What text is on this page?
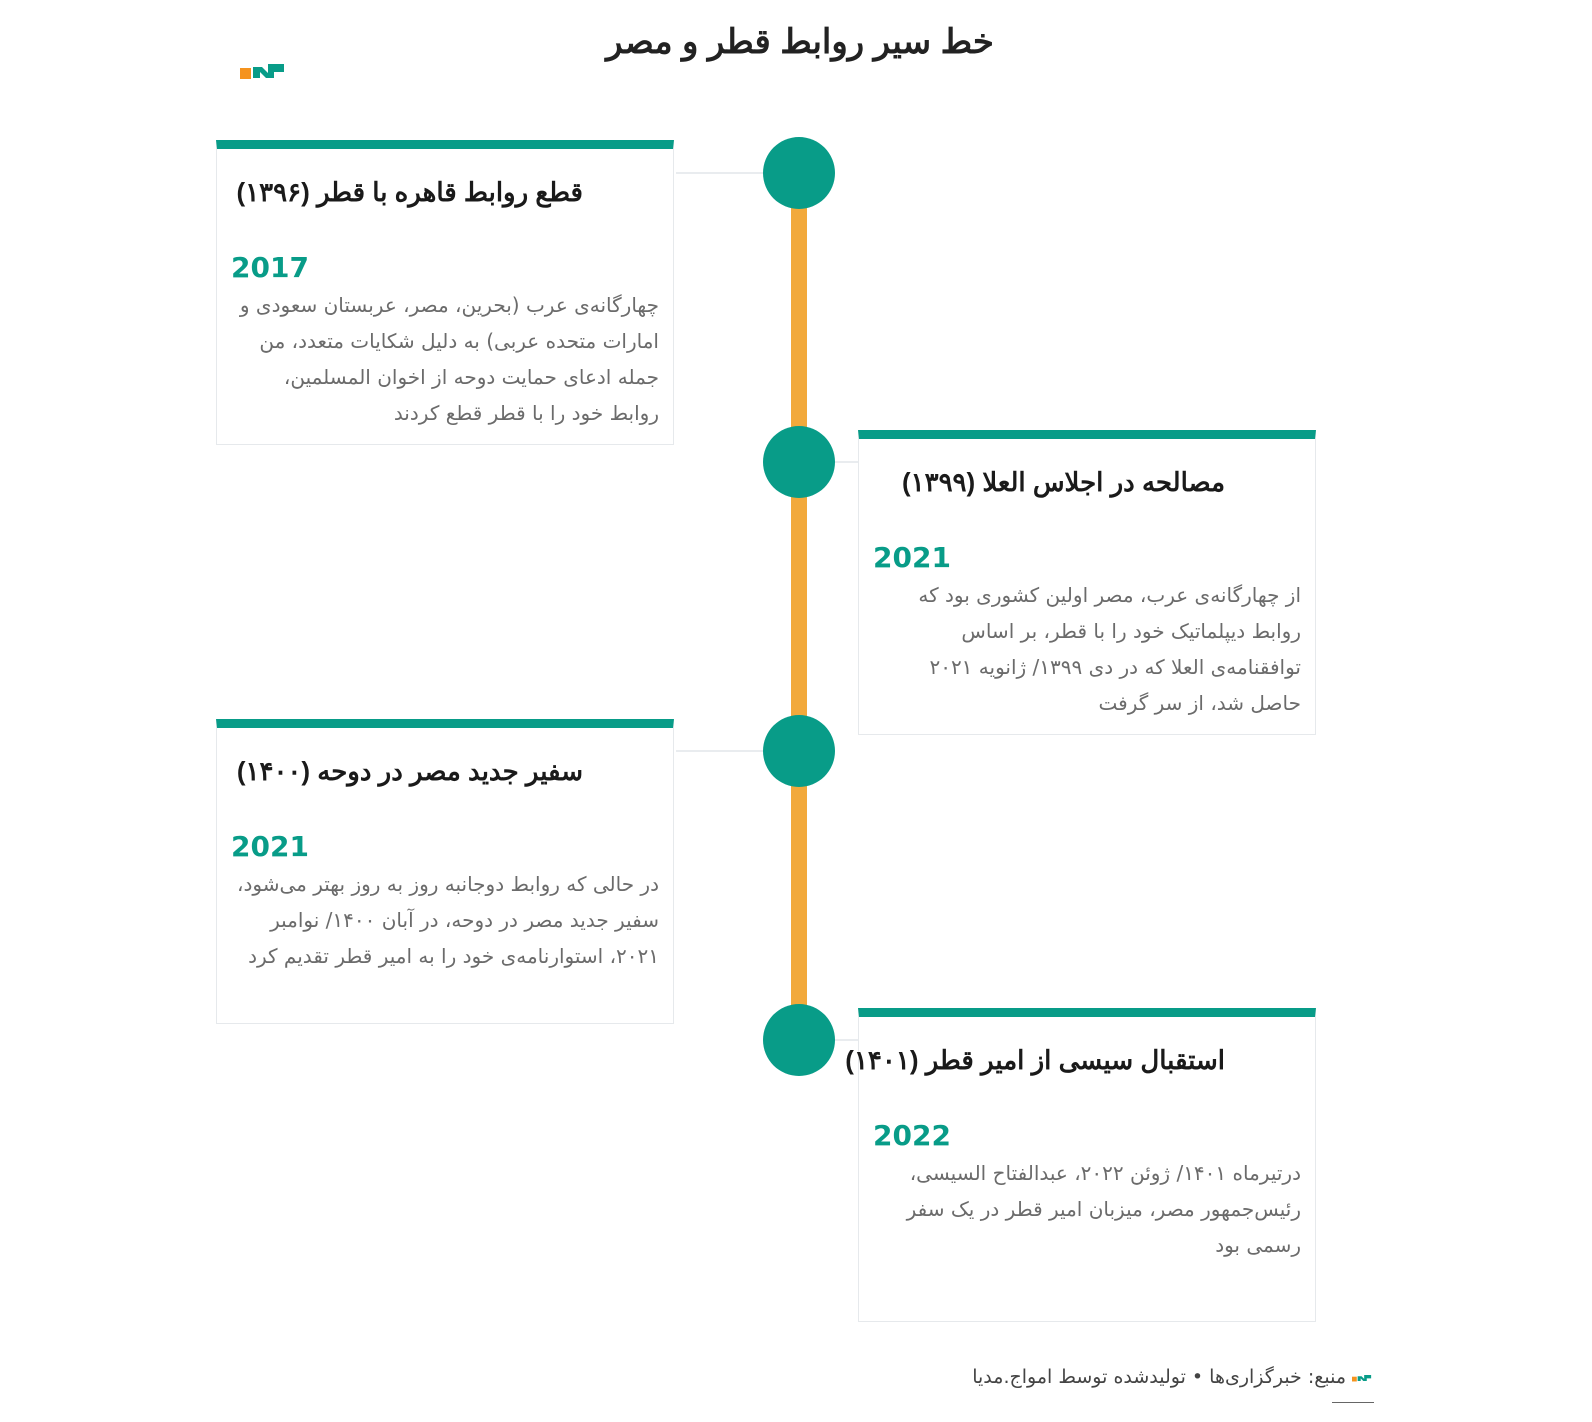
خط سیر روابط قطر و مصر
قطع روابط قاهره با قطر (۱۳۹۶)
2017

چهارگانه‌ی عرب (بحرین، مصر، عربستان سعودی و امارات متحده عربی) به دلیل شکایات متعدد، من جمله ادعای حمایت دوحه از اخوان المسلمین، روابط خود را با قطر قطع کردند

مصالحه در اجلاس العلا (۱۳۹۹)
2021

از چهارگانه‌ی عرب، مصر اولین کشوری بود که روابط دیپلماتیک خود را با قطر، بر اساس توافقنامه‌ی العلا که در دی ۱۳۹۹/ ژانویه ۲۰۲۱ حاصل شد، از سر گرفت

سفیر جدید مصر در دوحه (۱۴۰۰)
2021

در حالی که روابط دوجانبه روز به روز بهتر می‌شود، سفیر جدید مصر در دوحه، در آبان ۱۴۰۰/ نوامبر ۲۰۲۱، استوارنامه‌ی خود را به امیر قطر تقدیم کرد

استقبال سیسی از امیر قطر (۱۴۰۱)
2022

درتیرماه ۱۴۰۱/ ژوئن ۲۰۲۲، عبدالفتاح السیسی، رئیس‌جمهور مصر، میزبان امیر قطر در یک سفر رسمی بود

منبع: خبرگزاری‌ها • تولیدشده توسط امواج.مدیا
